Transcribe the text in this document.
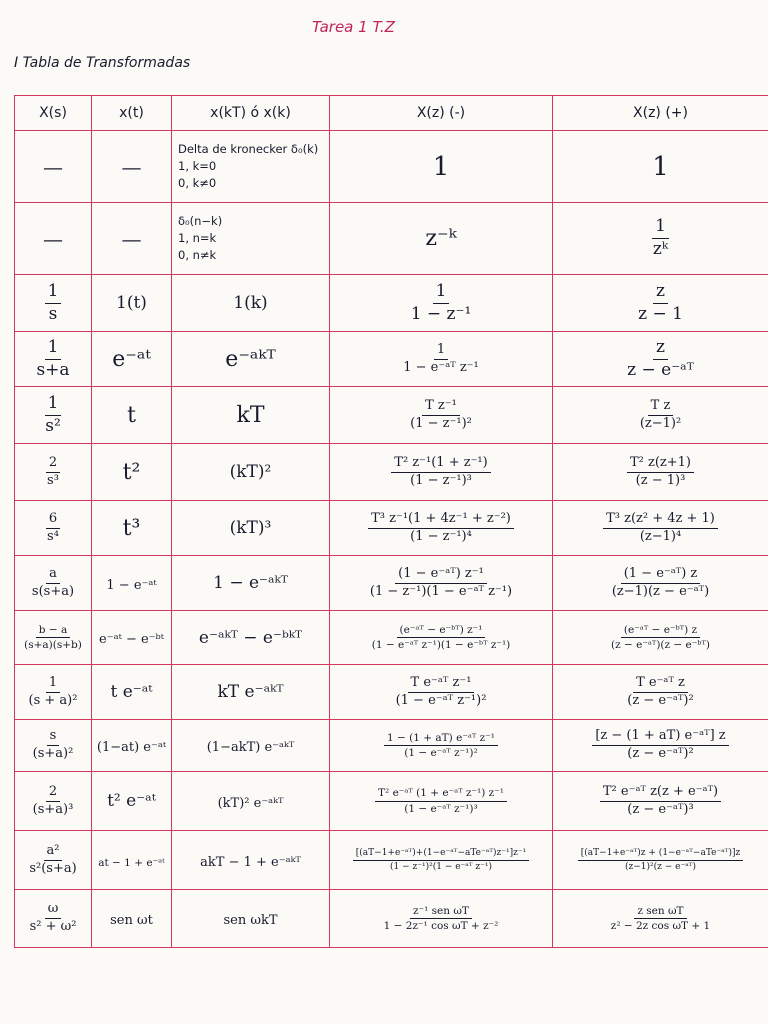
Tarea 1 T.Z
I Tabla de Transformadas
X(s)	x(t)	x(kT) ó x(k)	X(z) (-)	X(z) (+)
—	—	Delta de kronecker δ₀(k)
1, k=0
0, k≠0	1	1
—	—	δ₀(n−k)
1, n=k
0, n≠k	z⁻ᵏ	$\frac{1}{\text{zᵏ}}$

$\frac{1}{s}$	1(t)	1(k)	$\frac{1}{\text{1 − z⁻¹}}$	$\frac{z}{z - 1}$

$\frac{1}{s+a}$	e⁻ᵃᵗ	e⁻ᵃᵏᵀ	$\frac{1}{\text{1 − e⁻ᵃᵀ z⁻¹}}$	$\frac{z}{\text{z − e⁻ᵃᵀ}}$

$\frac{1}{\text{s²}}$	t	kT	$\frac{\text{T z⁻¹}}{\text{(1 − z⁻¹)²}}$	$\frac{\text{T z}}{\text{(z−1)²}}$

$\frac{2}{\text{s³}}$	t²	(kT)²	$\frac{\text{T² z⁻¹(1 + z⁻¹)}}{\text{(1 − z⁻¹)³}}$	$\frac{\text{T² z(z+1)}}{\text{(z − 1)³}}$

$\frac{6}{\text{s⁴}}$	t³	(kT)³	$\frac{\text{T³ z⁻¹(1 + 4z⁻¹ + z⁻²)}}{\text{(1 − z⁻¹)⁴}}$	$\frac{\text{T³ z(z² + 4z + 1)}}{\text{(z−1)⁴}}$

$\frac{a}{s(s+a)}$	1 − e⁻ᵃᵗ	1 − e⁻ᵃᵏᵀ	$\frac{\text{(1 − e⁻ᵃᵀ) z⁻¹}}{\text{(1 − z⁻¹)(1 − e⁻ᵃᵀ z⁻¹)}}$	$\frac{\text{(1 − e⁻ᵃᵀ) z}}{\text{(z−1)(z − e⁻ᵃᵀ)}}$

$\frac{b - a}{(s+a)(s+b)}$	e⁻ᵃᵗ − e⁻ᵇᵗ	e⁻ᵃᵏᵀ − e⁻ᵇᵏᵀ	$\frac{\text{(e⁻ᵃᵀ − e⁻ᵇᵀ) z⁻¹}}{\text{(1 − e⁻ᵃᵀ z⁻¹)(1 − e⁻ᵇᵀ z⁻¹)}}$	$\frac{\text{(e⁻ᵃᵀ − e⁻ᵇᵀ) z}}{\text{(z − e⁻ᵃᵀ)(z − e⁻ᵇᵀ)}}$

$\frac{1}{\text{(s + a)²}}$	t e⁻ᵃᵗ	kT e⁻ᵃᵏᵀ	$\frac{\text{T e⁻ᵃᵀ z⁻¹}}{\text{(1 − e⁻ᵃᵀ z⁻¹)²}}$	$\frac{\text{T e⁻ᵃᵀ z}}{\text{(z − e⁻ᵃᵀ)²}}$

$\frac{s}{\text{(s+a)²}}$	(1−at) e⁻ᵃᵗ	(1−akT) e⁻ᵃᵏᵀ	$\frac{\text{1 − (1 + aT) e⁻ᵃᵀ z⁻¹}}{\text{(1 − e⁻ᵃᵀ z⁻¹)²}}$	$\frac{\text{[z − (1 + aT) e⁻ᵃᵀ] z}}{\text{(z − e⁻ᵃᵀ)²}}$

$\frac{2}{\text{(s+a)³}}$	t² e⁻ᵃᵗ	(kT)² e⁻ᵃᵏᵀ	$\frac{\text{T² e⁻ᵃᵀ (1 + e⁻ᵃᵀ z⁻¹) z⁻¹}}{\text{(1 − e⁻ᵃᵀ z⁻¹)³}}$	$\frac{\text{T² e⁻ᵃᵀ z(z + e⁻ᵃᵀ)}}{\text{(z − e⁻ᵃᵀ)³}}$

$\frac{\text{a²}}{\text{s²(s+a)}}$	at − 1 + e⁻ᵃᵗ	akT − 1 + e⁻ᵃᵏᵀ	$\frac{\text{[(aT−1+e⁻ᵃᵀ)+(1−e⁻ᵃᵀ−aTe⁻ᵃᵀ)z⁻¹]z⁻¹}}{\text{(1 − z⁻¹)²(1 − e⁻ᵃᵀ z⁻¹)}}$	$\frac{\text{[(aT−1+e⁻ᵃᵀ)z + (1−e⁻ᵃᵀ−aTe⁻ᵃᵀ)]z}}{\text{(z−1)²(z − e⁻ᵃᵀ)}}$

$\frac{\omega}{\text{s² + ω²}}$	sen ωt	sen ωkT	$\frac{\text{z⁻¹ sen ωT}}{\text{1 − 2z⁻¹ cos ωT + z⁻²}}$	$\frac{\text{z sen ωT}}{\text{z² − 2z cos ωT + 1}}$
